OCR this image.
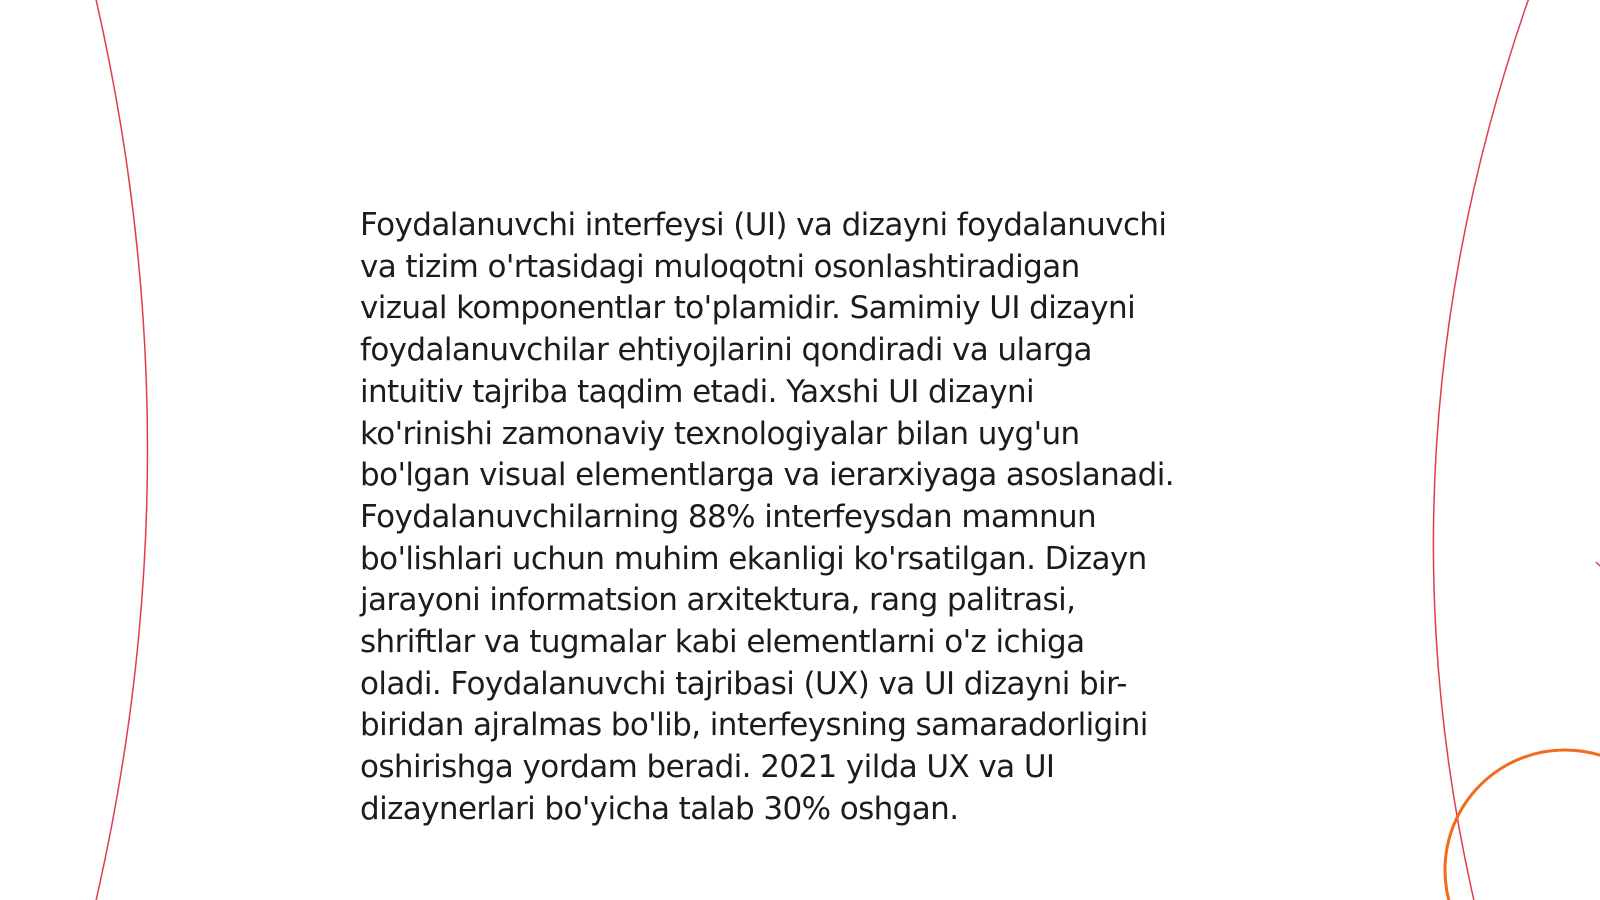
Foydalanuvchi interfeysi (UI) va dizayni foydalanuvchi
va tizim o'rtasidagi muloqotni osonlashtiradigan
vizual komponentlar to'plamidir. Samimiy UI dizayni
foydalanuvchilar ehtiyojlarini qondiradi va ularga
intuitiv tajriba taqdim etadi. Yaxshi UI dizayni
ko'rinishi zamonaviy texnologiyalar bilan uyg'un
bo'lgan visual elementlarga va ierarxiyaga asoslanadi.
Foydalanuvchilarning 88% interfeysdan mamnun
bo'lishlari uchun muhim ekanligi ko'rsatilgan. Dizayn
jarayoni informatsion arxitektura, rang palitrasi,
shriftlar va tugmalar kabi elementlarni o'z ichiga
oladi. Foydalanuvchi tajribasi (UX) va UI dizayni bir-
biridan ajralmas bo'lib, interfeysning samaradorligini
oshirishga yordam beradi. 2021 yilda UX va UI
dizaynerlari bo'yicha talab 30% oshgan.
